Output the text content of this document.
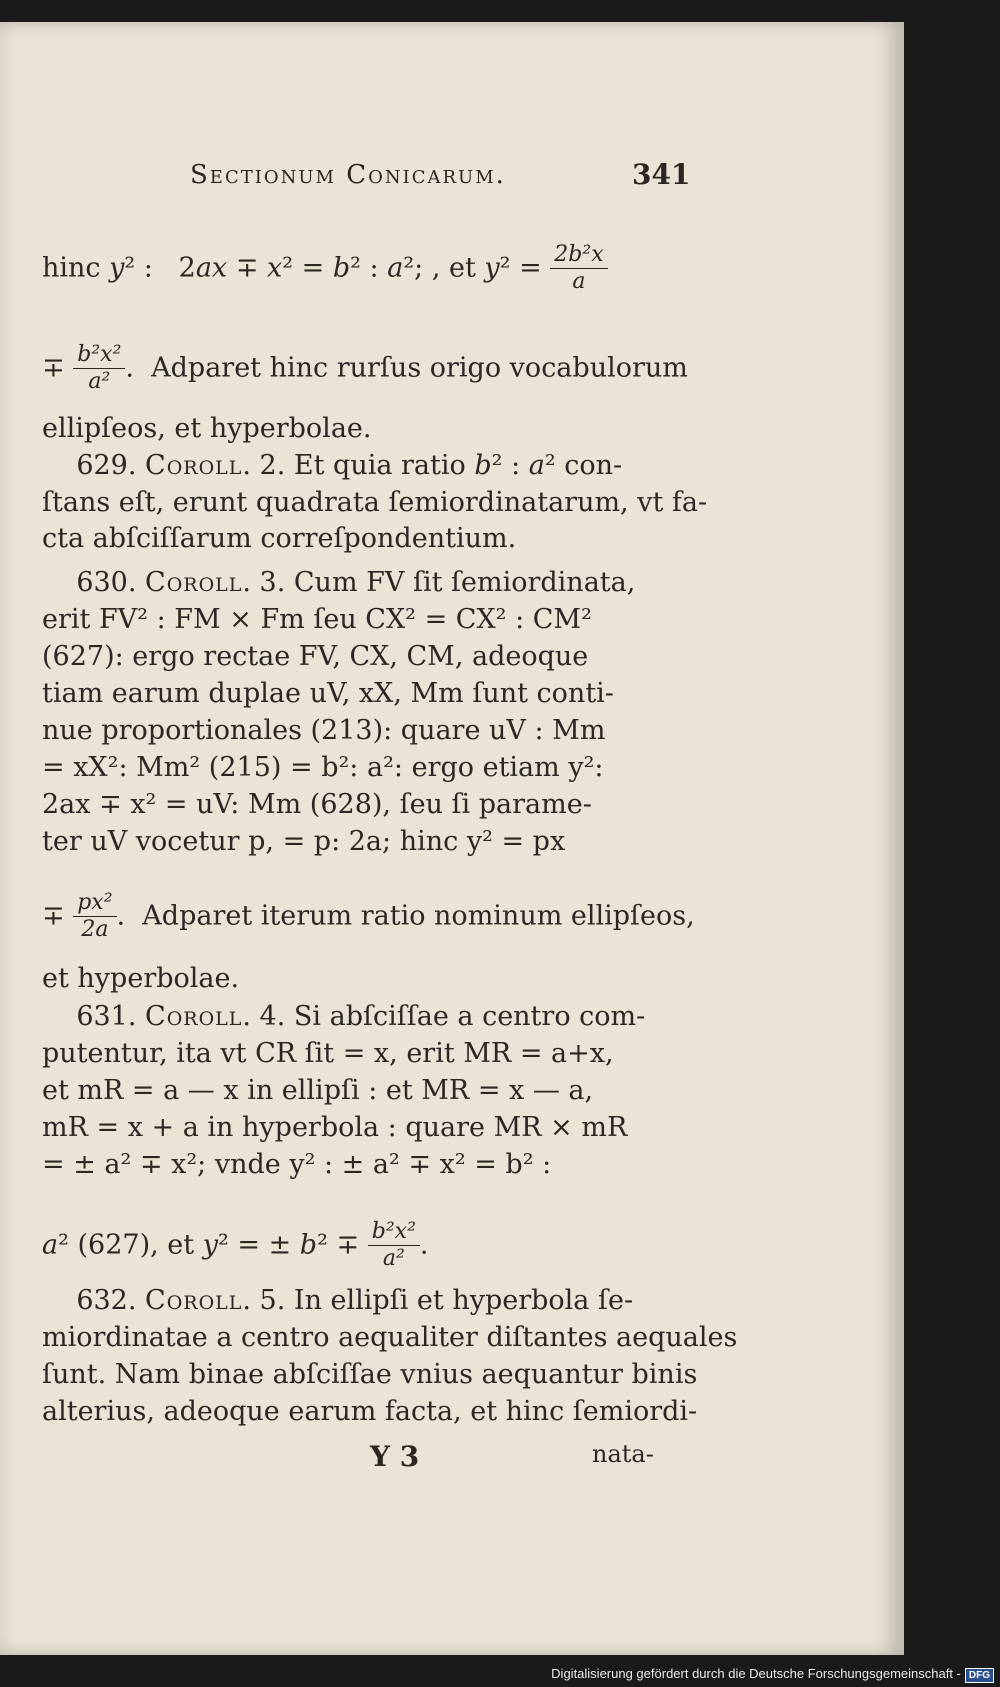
Sectionum Conicarum.	341
hinc y² :   2ax ∓ x² = b² : a²; , et $y^2 = \frac{\text{2b²x}}{a}$
∓ $\frac{\text{b²x²}}{\text{a²}}$ .  Adparet hinc rurſus origo vocabulorum
ellipſeos, et hyperbolae.
629. Coroll. 2. Et quia ratio b² : a² con-
ſtans eſt, erunt quadrata ſemiordinatarum, vt fa-
cta abſciſſarum correſpondentium.
630. Coroll. 3. Cum FV ſit ſemiordinata,
erit FV² : FM × Fm ſeu CX² = CX² : CM²
(627): ergo rectae FV, CX, CM, adeoque
tiam earum duplae uV, xX, Mm ſunt conti-
nue proportionales (213): quare uV : Mm
= xX²: Mm² (215) = b²: a²: ergo etiam y²:
2ax ∓ x² = uV: Mm (628), ſeu ſi parame-
ter uV vocetur p, = p: 2a; hinc y² = px
∓ $\frac{\text{px²}}{2a}$ .  Adparet iterum ratio nominum ellipſeos,
et hyperbolae.
631. Coroll. 4. Si abſciſſae a centro com-
putentur, ita vt CR ſit = x, erit MR = a+x,
et mR = a — x in ellipſi : et MR = x — a,
mR = x + a in hyperbola : quare MR × mR
= ± a² ∓ x²; vnde y² : ± a² ∓ x² = b² :
a² (627), et y² = ± $b^2 \mp \frac{\text{b²x²}}{\text{a²}}$ .
632. Coroll. 5. In ellipſi et hyperbola ſe-
miordinatae a centro aequaliter diſtantes aequales
ſunt. Nam binae abſciſſae vnius aequantur binis
alterius, adeoque earum facta, et hinc ſemiordi-
Y 3	nata-
Digitalisierung gefördert durch die Deutsche Forschungsgemeinschaft - DFG
